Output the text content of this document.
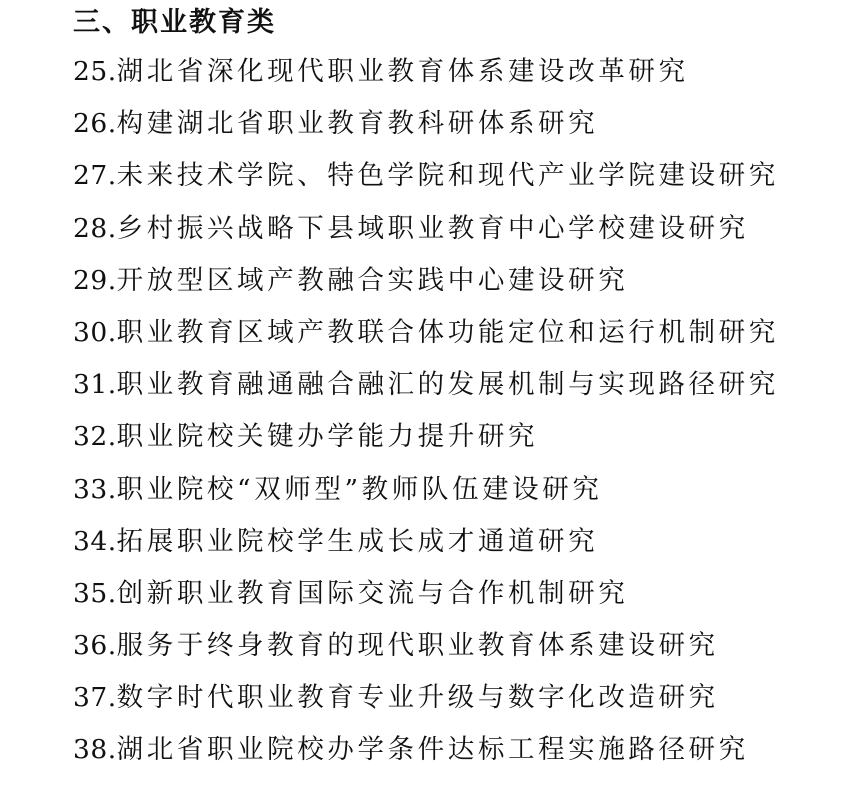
三、职业教育类
25.湖北省深化现代职业教育体系建设改革研究
26.构建湖北省职业教育教科研体系研究
27.未来技术学院、特色学院和现代产业学院建设研究
28.乡村振兴战略下县域职业教育中心学校建设研究
29.开放型区域产教融合实践中心建设研究
30.职业教育区域产教联合体功能定位和运行机制研究
31.职业教育融通融合融汇的发展机制与实现路径研究
32.职业院校关键办学能力提升研究
33.职业院校“双师型”教师队伍建设研究
34.拓展职业院校学生成长成才通道研究
35.创新职业教育国际交流与合作机制研究
36.服务于终身教育的现代职业教育体系建设研究
37.数字时代职业教育专业升级与数字化改造研究
38.湖北省职业院校办学条件达标工程实施路径研究
